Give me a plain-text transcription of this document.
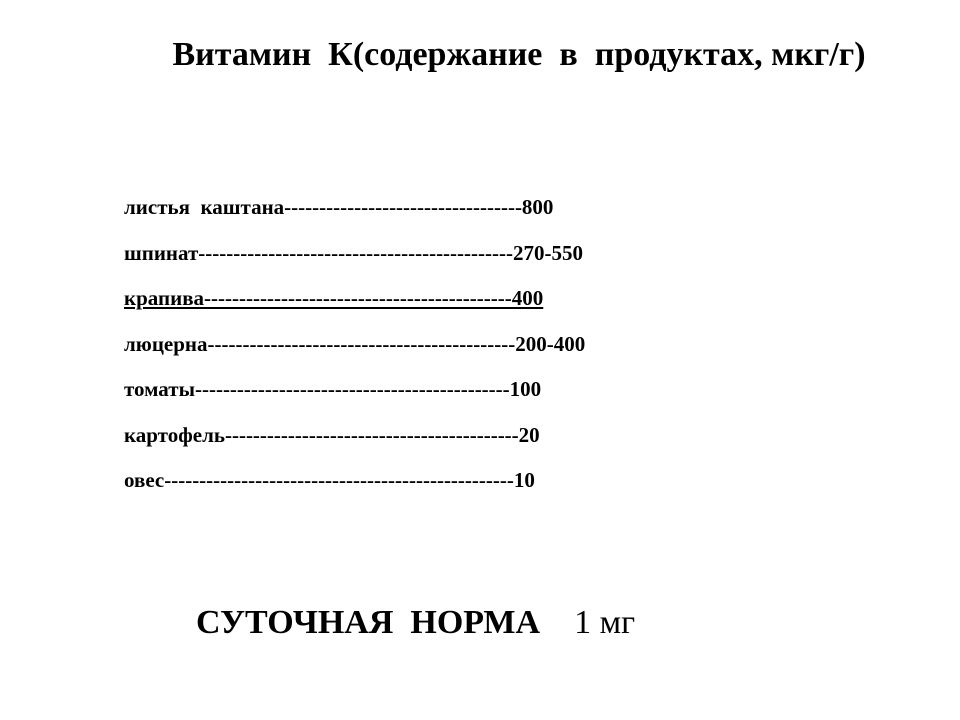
Витамин  К(содержание  в  продуктах, мкг/г)
листья  каштана----------------------------------800
шпинат---------------------------------------------270-550
крапива--------------------------------------------400
люцерна--------------------------------------------200-400
томаты---------------------------------------------100
картофель------------------------------------------20
овес--------------------------------------------------10

СУТОЧНАЯ  НОРМА 1 мг
